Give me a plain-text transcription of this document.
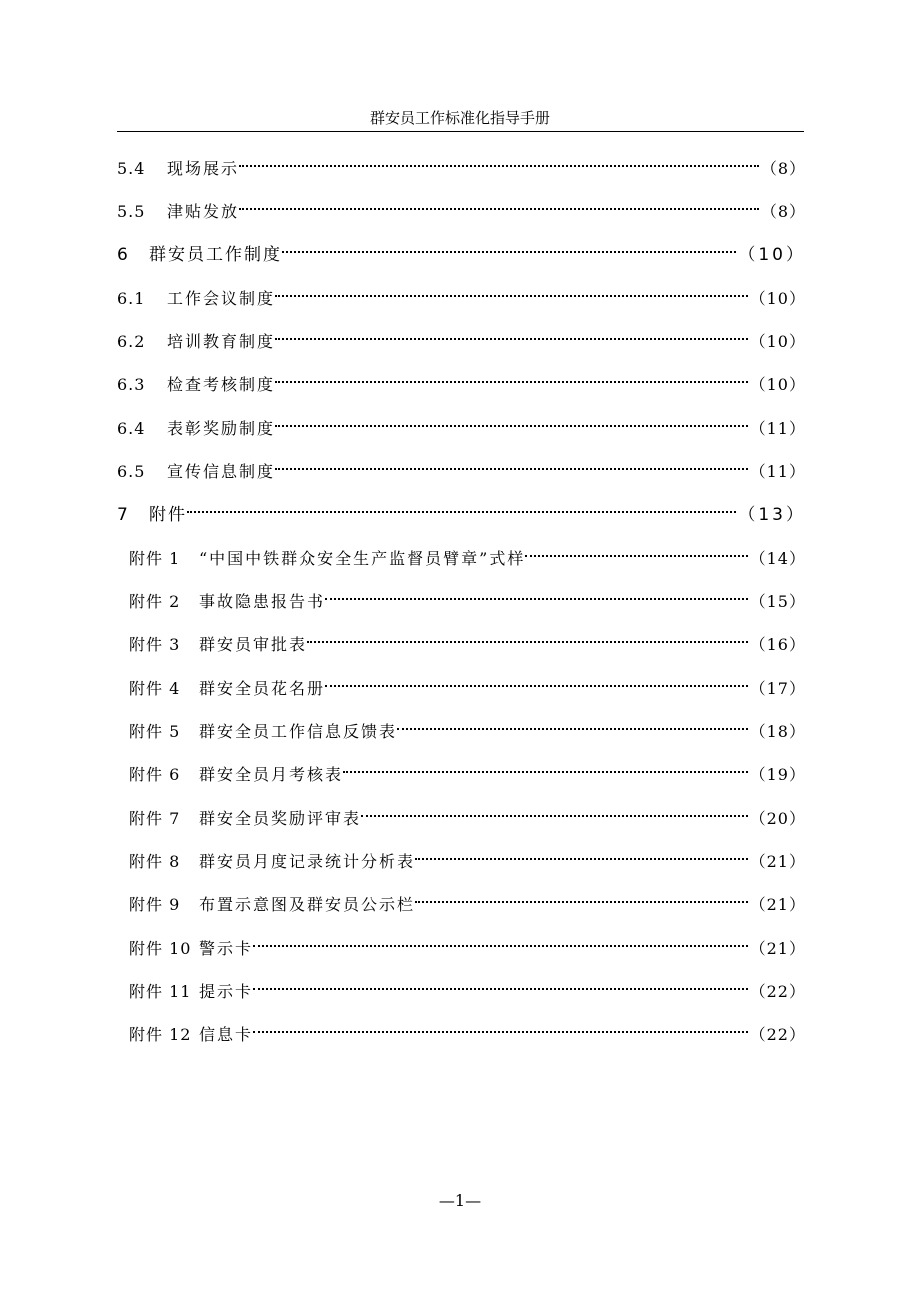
群安员工作标准化指导手册
5.4	现场展示	（8）
5.5	津贴发放	（8）
6	群安员工作制度	（10）
6.1	工作会议制度	（10）
6.2	培训教育制度	（10）
6.3	检查考核制度	（10）
6.4	表彰奖励制度	（11）
6.5	宣传信息制度	（11）
7	附件	（13）
附件 1	“中国中铁群众安全生产监督员臂章”式样	（14）
附件 2	事故隐患报告书	（15）
附件 3	群安员审批表	（16）
附件 4	群安全员花名册	（17）
附件 5	群安全员工作信息反馈表	（18）
附件 6	群安全员月考核表	（19）
附件 7	群安全员奖励评审表	（20）
附件 8	群安员月度记录统计分析表	（21）
附件 9	布置示意图及群安员公示栏	（21）
附件 10 警示卡	（21）
附件 11 提示卡	（22）
附件 12 信息卡	（22）
—1—
